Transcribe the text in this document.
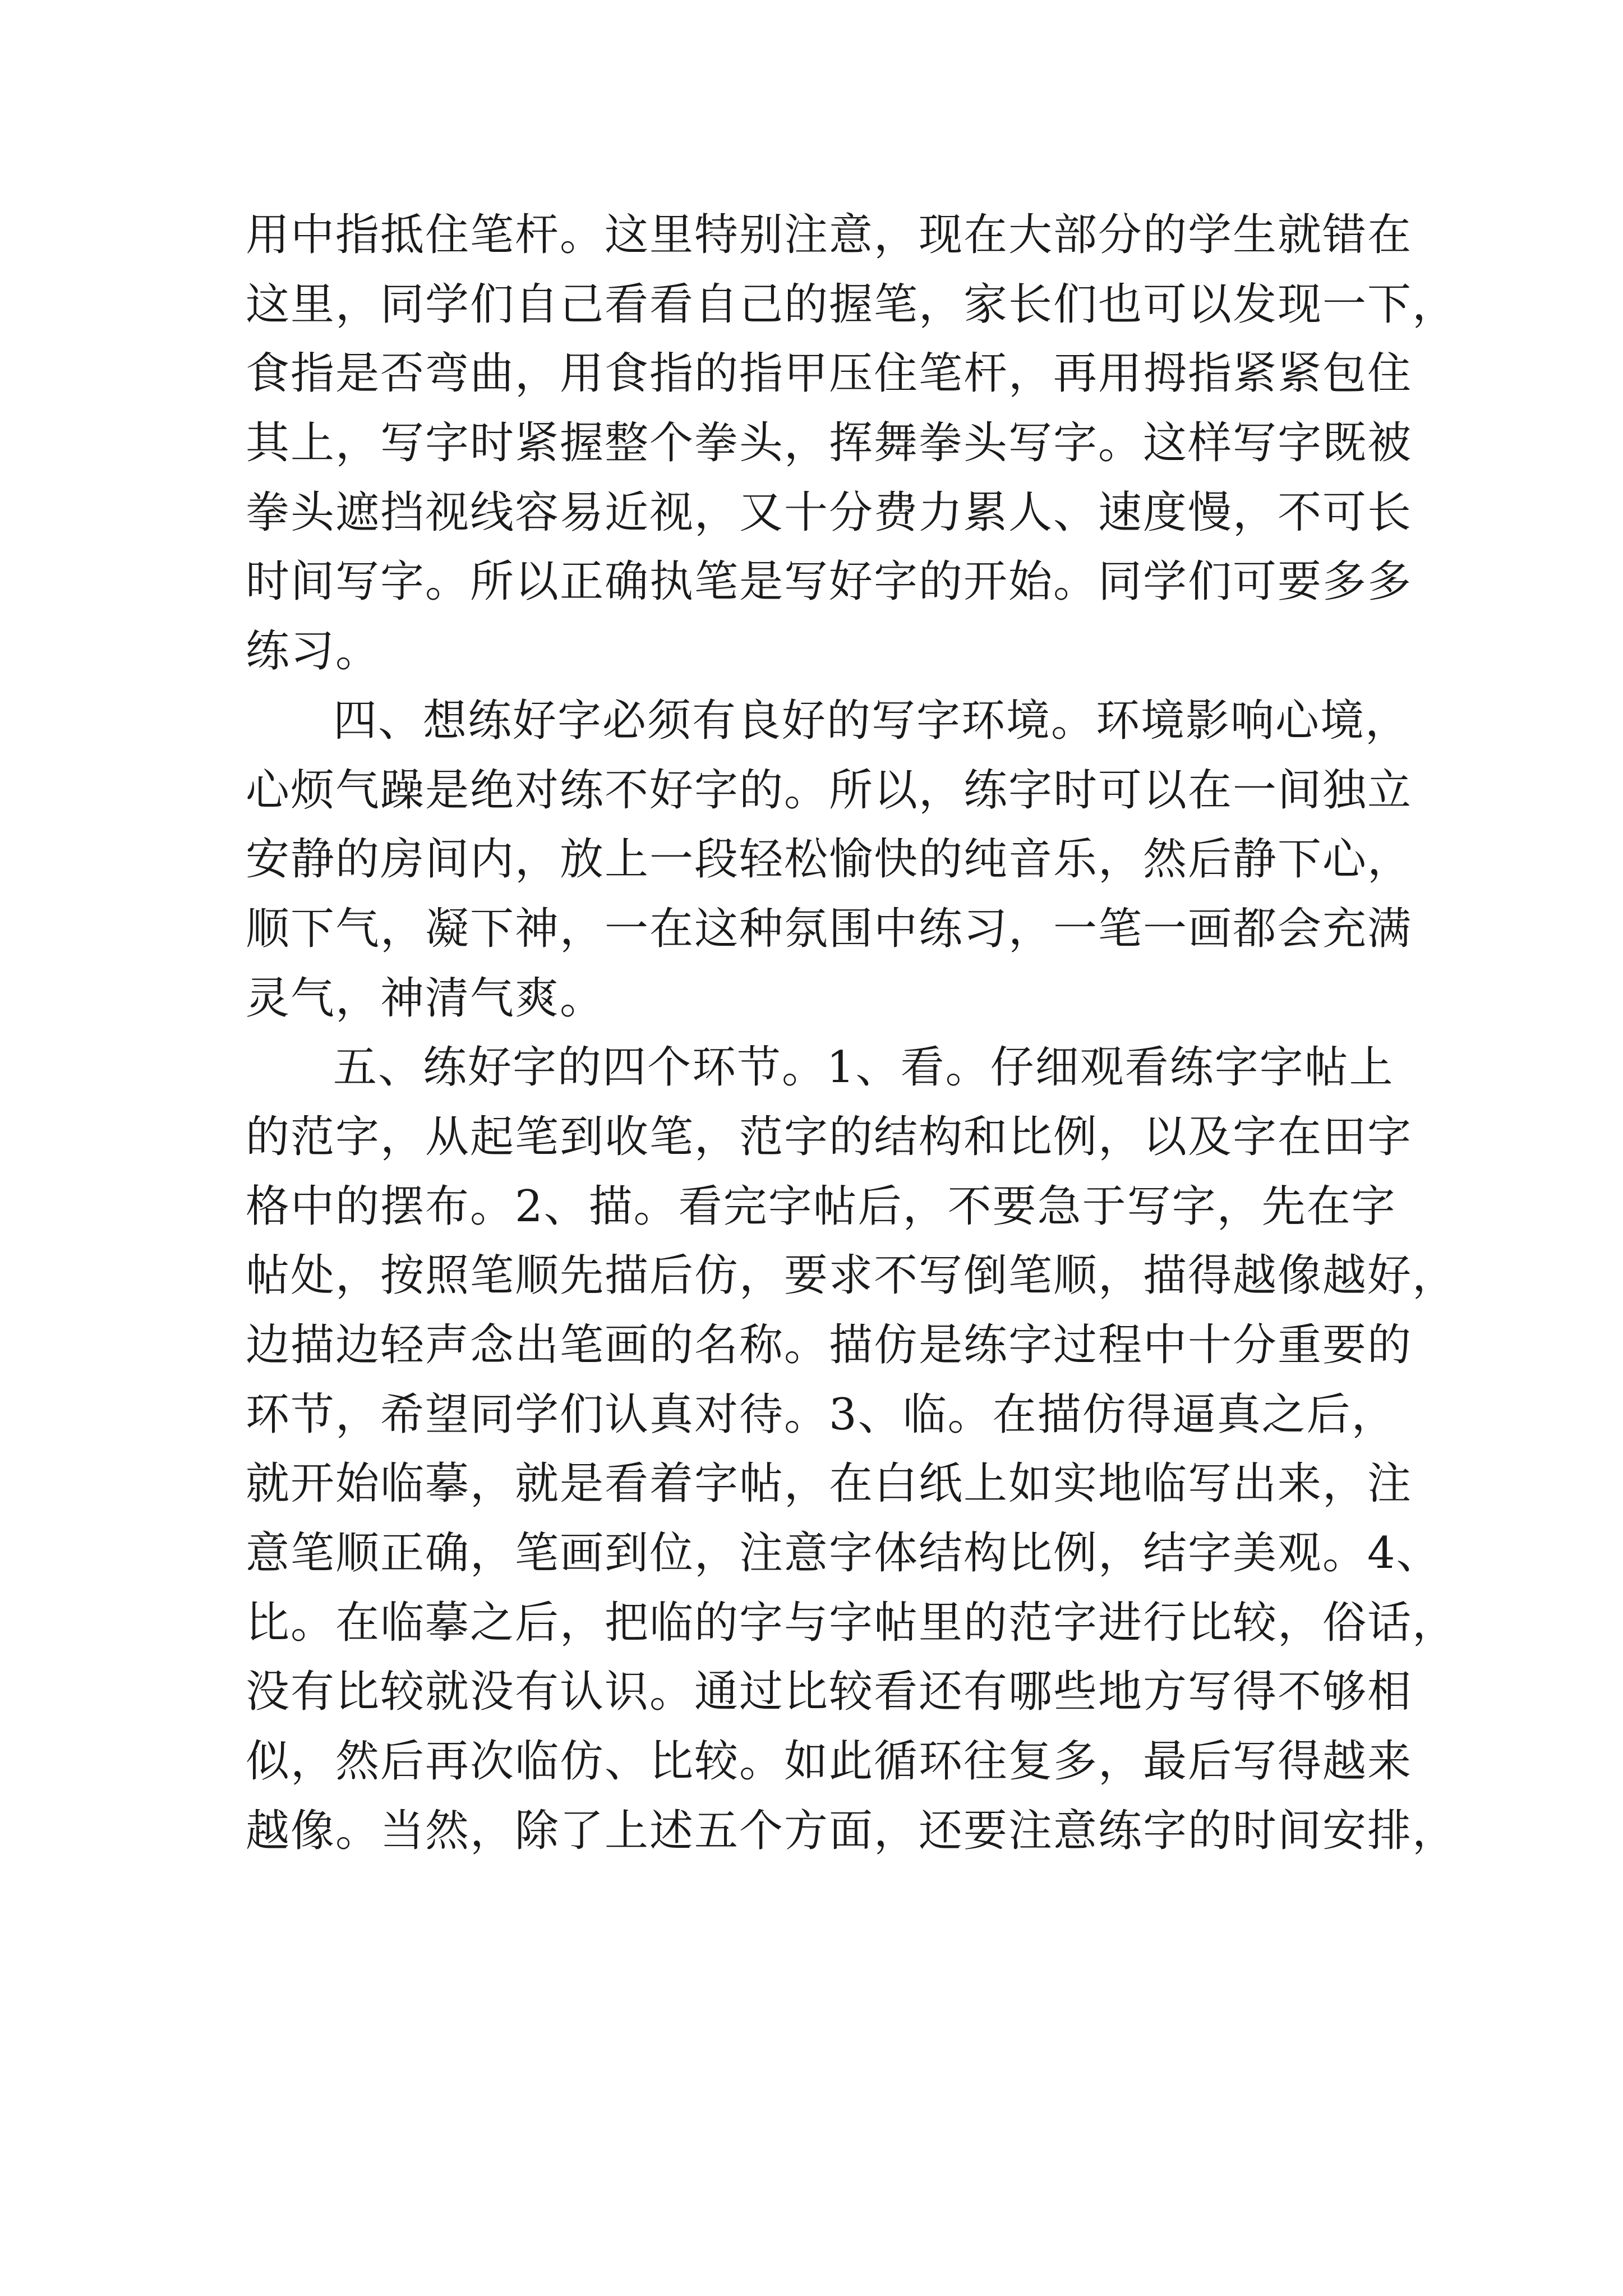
用中指抵住笔杆。这里特别注意，现在大部分的学生就错在
这里，同学们自己看看自己的握笔，家长们也可以发现一下，
食指是否弯曲，用食指的指甲压住笔杆，再用拇指紧紧包住
其上，写字时紧握整个拳头，挥舞拳头写字。这样写字既被
拳头遮挡视线容易近视，又十分费力累人、速度慢，不可长
时间写字。所以正确执笔是写好字的开始。同学们可要多多
练习。
四、想练好字必须有良好的写字环境。环境影响心境，
心烦气躁是绝对练不好字的。所以，练字时可以在一间独立
安静的房间内，放上一段轻松愉快的纯音乐，然后静下心，
顺下气，凝下神，一在这种氛围中练习，一笔一画都会充满
灵气，神清气爽。
五、练好字的四个环节。1、看。仔细观看练字字帖上
的范字，从起笔到收笔，范字的结构和比例，以及字在田字
格中的摆布。2、描。看完字帖后，不要急于写字，先在字
帖处，按照笔顺先描后仿，要求不写倒笔顺，描得越像越好，
边描边轻声念出笔画的名称。描仿是练字过程中十分重要的
环节，希望同学们认真对待。3、临。在描仿得逼真之后，
就开始临摹，就是看着字帖，在白纸上如实地临写出来，注
意笔顺正确，笔画到位，注意字体结构比例，结字美观。4、
比。在临摹之后，把临的字与字帖里的范字进行比较，俗话，
没有比较就没有认识。通过比较看还有哪些地方写得不够相
似，然后再次临仿、比较。如此循环往复多，最后写得越来
越像。当然，除了上述五个方面，还要注意练字的时间安排，
